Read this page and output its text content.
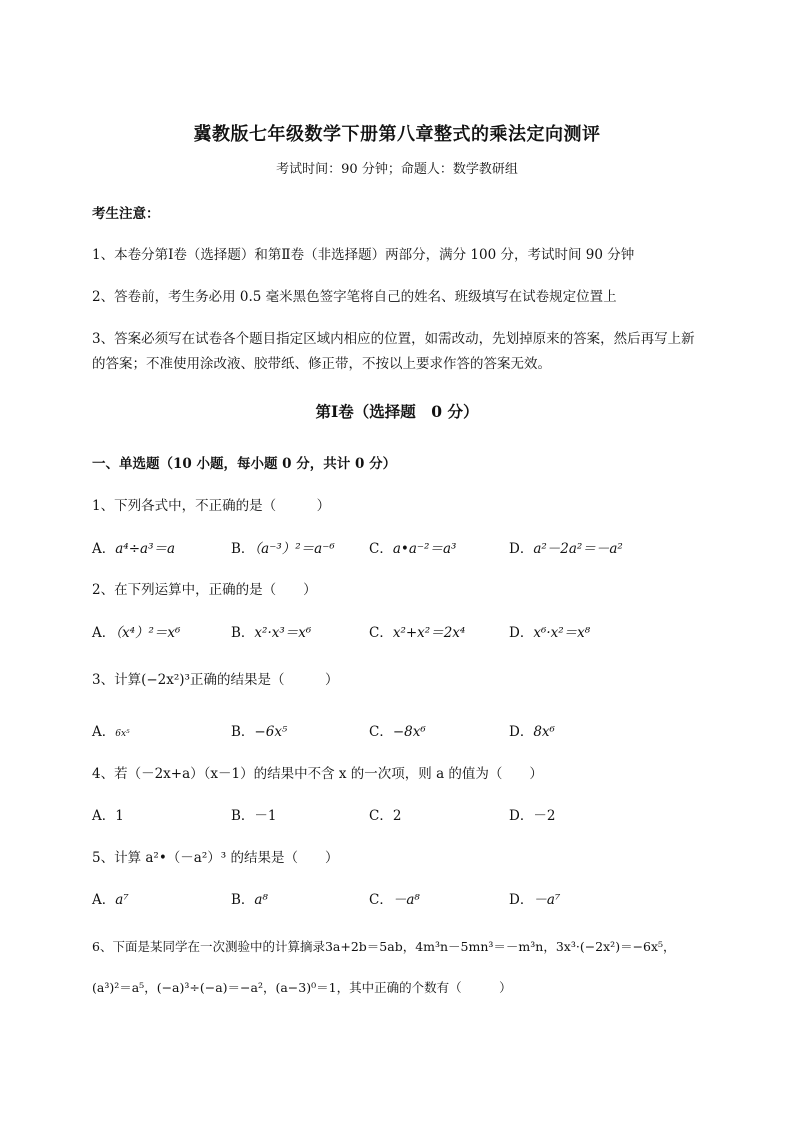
冀教版七年级数学下册第八章整式的乘法定向测评
考试时间：90 分钟；命题人：数学教研组
考生注意：
1、本卷分第Ⅰ卷（选择题）和第Ⅱ卷（非选择题）两部分，满分 100 分，考试时间 90 分钟
2、答卷前，考生务必用 0.5 毫米黑色签字笔将自己的姓名、班级填写在试卷规定位置上
3、答案必须写在试卷各个题目指定区域内相应的位置，如需改动，先划掉原来的答案，然后再写上新
的答案；不准使用涂改液、胶带纸、修正带，不按以上要求作答的答案无效。
第Ⅰ卷（选择题　0 分）
一、单选题（10 小题，每小题 0 分，共计 0 分）
1、下列各式中，不正确的是（　　　）
A．a⁴÷a³＝a	B．（a⁻³）²＝a⁻⁶	C．a•a⁻²＝a³	D．a²－2a²＝－a²
2、在下列运算中，正确的是（　　）
A．（x⁴）²＝x⁶	B．x²·x³＝x⁶	C．x²+x²＝2x⁴	D．x⁶·x²＝x⁸
3、计算(−2x²)³正确的结果是（　　　）
A．6x⁵	B．−6x⁵	C．−8x⁶	D．8x⁶
4、若（－2x+a）（x－1）的结果中不含 x 的一次项，则 a 的值为（　　）
A．1	B．－1	C．2	D．－2
5、计算 a²•（－a²）³ 的结果是（　　）
A．a⁷	B．a⁸	C．－a⁸	D．－a⁷
6、下面是某同学在一次测验中的计算摘录3a+2b＝5ab，4m³n－5mn³＝－m³n，3x³·(−2x²)＝−6x⁵，
(a³)²＝a⁵，(−a)³÷(−a)＝−a²，(a−3)⁰＝1，其中正确的个数有（　　　）
